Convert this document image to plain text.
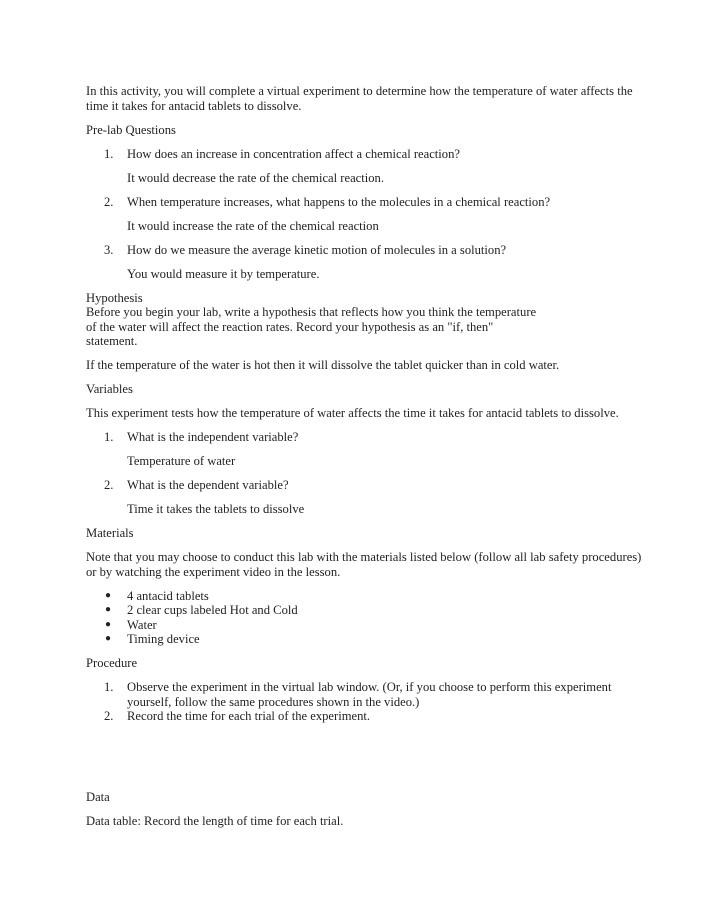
In this activity, you will complete a virtual experiment to determine how the temperature of water affects the time it takes for antacid tablets to dissolve.

Pre-lab Questions

1. How does an increase in concentration affect a chemical reaction?

It would decrease the rate of the chemical reaction.

2. When temperature increases, what happens to the molecules in a chemical reaction?

It would increase the rate of the chemical reaction

3. How do we measure the average kinetic motion of molecules in a solution?

You would measure it by temperature.

Hypothesis

Before you begin your lab, write a hypothesis that reflects how you think the temperature of the water will affect the reaction rates. Record your hypothesis as an "if, then" statement.

If the temperature of the water is hot then it will dissolve the tablet quicker than in cold water.

Variables

This experiment tests how the temperature of water affects the time it takes for antacid tablets to dissolve.

1. What is the independent variable?

Temperature of water

2. What is the dependent variable?

Time it takes the tablets to dissolve

Materials

Note that you may choose to conduct this lab with the materials listed below (follow all lab safety procedures) or by watching the experiment video in the lesson.

● 4 antacid tablets
● 2 clear cups labeled Hot and Cold
● Water
● Timing device

Procedure

1. Observe the experiment in the virtual lab window. (Or, if you choose to perform this experiment yourself, follow the same procedures shown in the video.)

2. Record the time for each trial of the experiment.

Data

Data table: Record the length of time for each trial.
